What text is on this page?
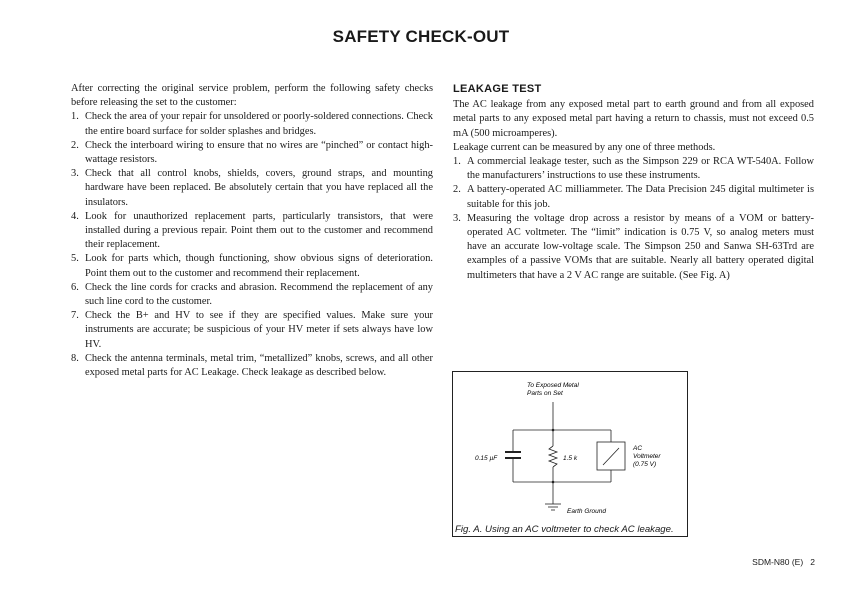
SAFETY CHECK-OUT

After correcting the original service problem, perform the following safety checks before releasing the set to the customer:

1. Check the area of your repair for unsoldered or poorly-soldered connections. Check the entire board surface for solder splashes and bridges.
2. Check the interboard wiring to ensure that no wires are “pinched” or contact high-wattage resistors.
3. Check that all control knobs, shields, covers, ground straps, and mounting hardware have been replaced. Be absolutely certain that you have replaced all the insulators.
4. Look for unauthorized replacement parts, particularly transistors, that were installed during a previous repair. Point them out to the customer and recommend their replacement.
5. Look for parts which, though functioning, show obvious signs of deterioration. Point them out to the customer and recommend their replacement.
6. Check the line cords for cracks and abrasion. Recommend the replacement of any such line cord to the customer.
7. Check the B+ and HV to see if they are specified values. Make sure your instruments are accurate; be suspicious of your HV meter if sets always have low HV.
8. Check the antenna terminals, metal trim, “metallized” knobs, screws, and all other exposed metal parts for AC Leakage. Check leakage as described below.

LEAKAGE TEST

The AC leakage from any exposed metal part to earth ground and from all exposed metal parts to any exposed metal part having a return to chassis, must not exceed 0.5 mA (500 microamperes).

Leakage current can be measured by any one of three methods.

1. A commercial leakage tester, such as the Simpson 229 or RCA WT-540A. Follow the manufacturers’ instructions to use these instruments.
2. A battery-operated AC milliammeter. The Data Precision 245 digital multimeter is suitable for this job.
3. Measuring the voltage drop across a resistor by means of a VOM or battery-operated AC voltmeter. The “limit” indication is 0.75 V, so analog meters must have an accurate low-voltage scale. The Simpson 250 and Sanwa SH-63Trd are examples of a passive VOMs that are suitable. Nearly all battery operated digital multimeters that have a 2 V AC range are suitable. (See Fig. A)
To Exposed Metal
Parts on Set
0.15 µF	1.5 k
AC
Voltmeter
(0.75 V)
Earth Ground
Fig. A. Using an AC voltmeter to check AC leakage.
SDM-N80 (E) 2
